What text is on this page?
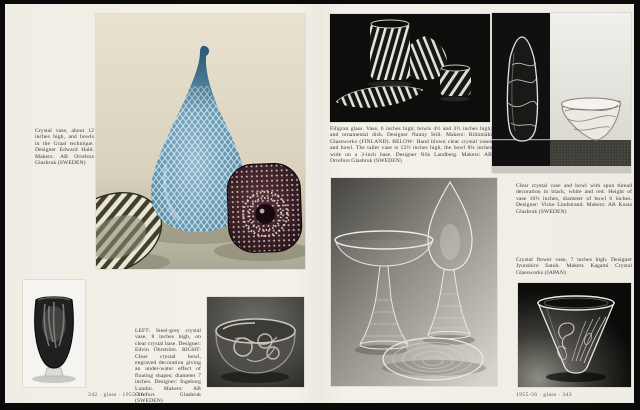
Crystal vase, about 12 inches high, and bowls in the Graal technique. Designer Edward Hald. Makers: AB Orrefors Glasbruk (SWEDEN)
LEFT: Steel-grey crystal vase, 8 inches high, on clear crystal base. Designer: Edvin Öhrström. RIGHT: Clear crystal bowl, engraved decoration giving an under-water effect of floating shapes; diameter 7 inches. Designer: Ingeborg Lundin. Makers: AB Orrefors Glasbruk (SWEDEN)
342 · glass · 1955-56
Filigran glass. Vase, 6 inches high; bowls 4½ and 3½ inches high; and ornamental dish. Designer Nanny Still. Makers: Riihimäki Glassworks (FINLAND). BELOW: Hand blown clear crystal vases and bowl. The taller vase is 12½ inches high, the bowl 8¼ inches wide on a 3-inch base. Designer Nils Landberg. Makers: AB Orrefors Glasbruk (SWEDEN)
Clear crystal vase and bowl with spun thread decoration in black, white and red. Height of vase 10½ inches, diameter of bowl 6 inches. Designer: Vicke Lindstrand. Makers: AB Kosta Glasbruk (SWEDEN)
Crystal flower vase, 7 inches high. Designer Jyunshiro Satoh. Makers Kagami Crystal Glassworks (JAPAN)
1955-56 · glass · 343
